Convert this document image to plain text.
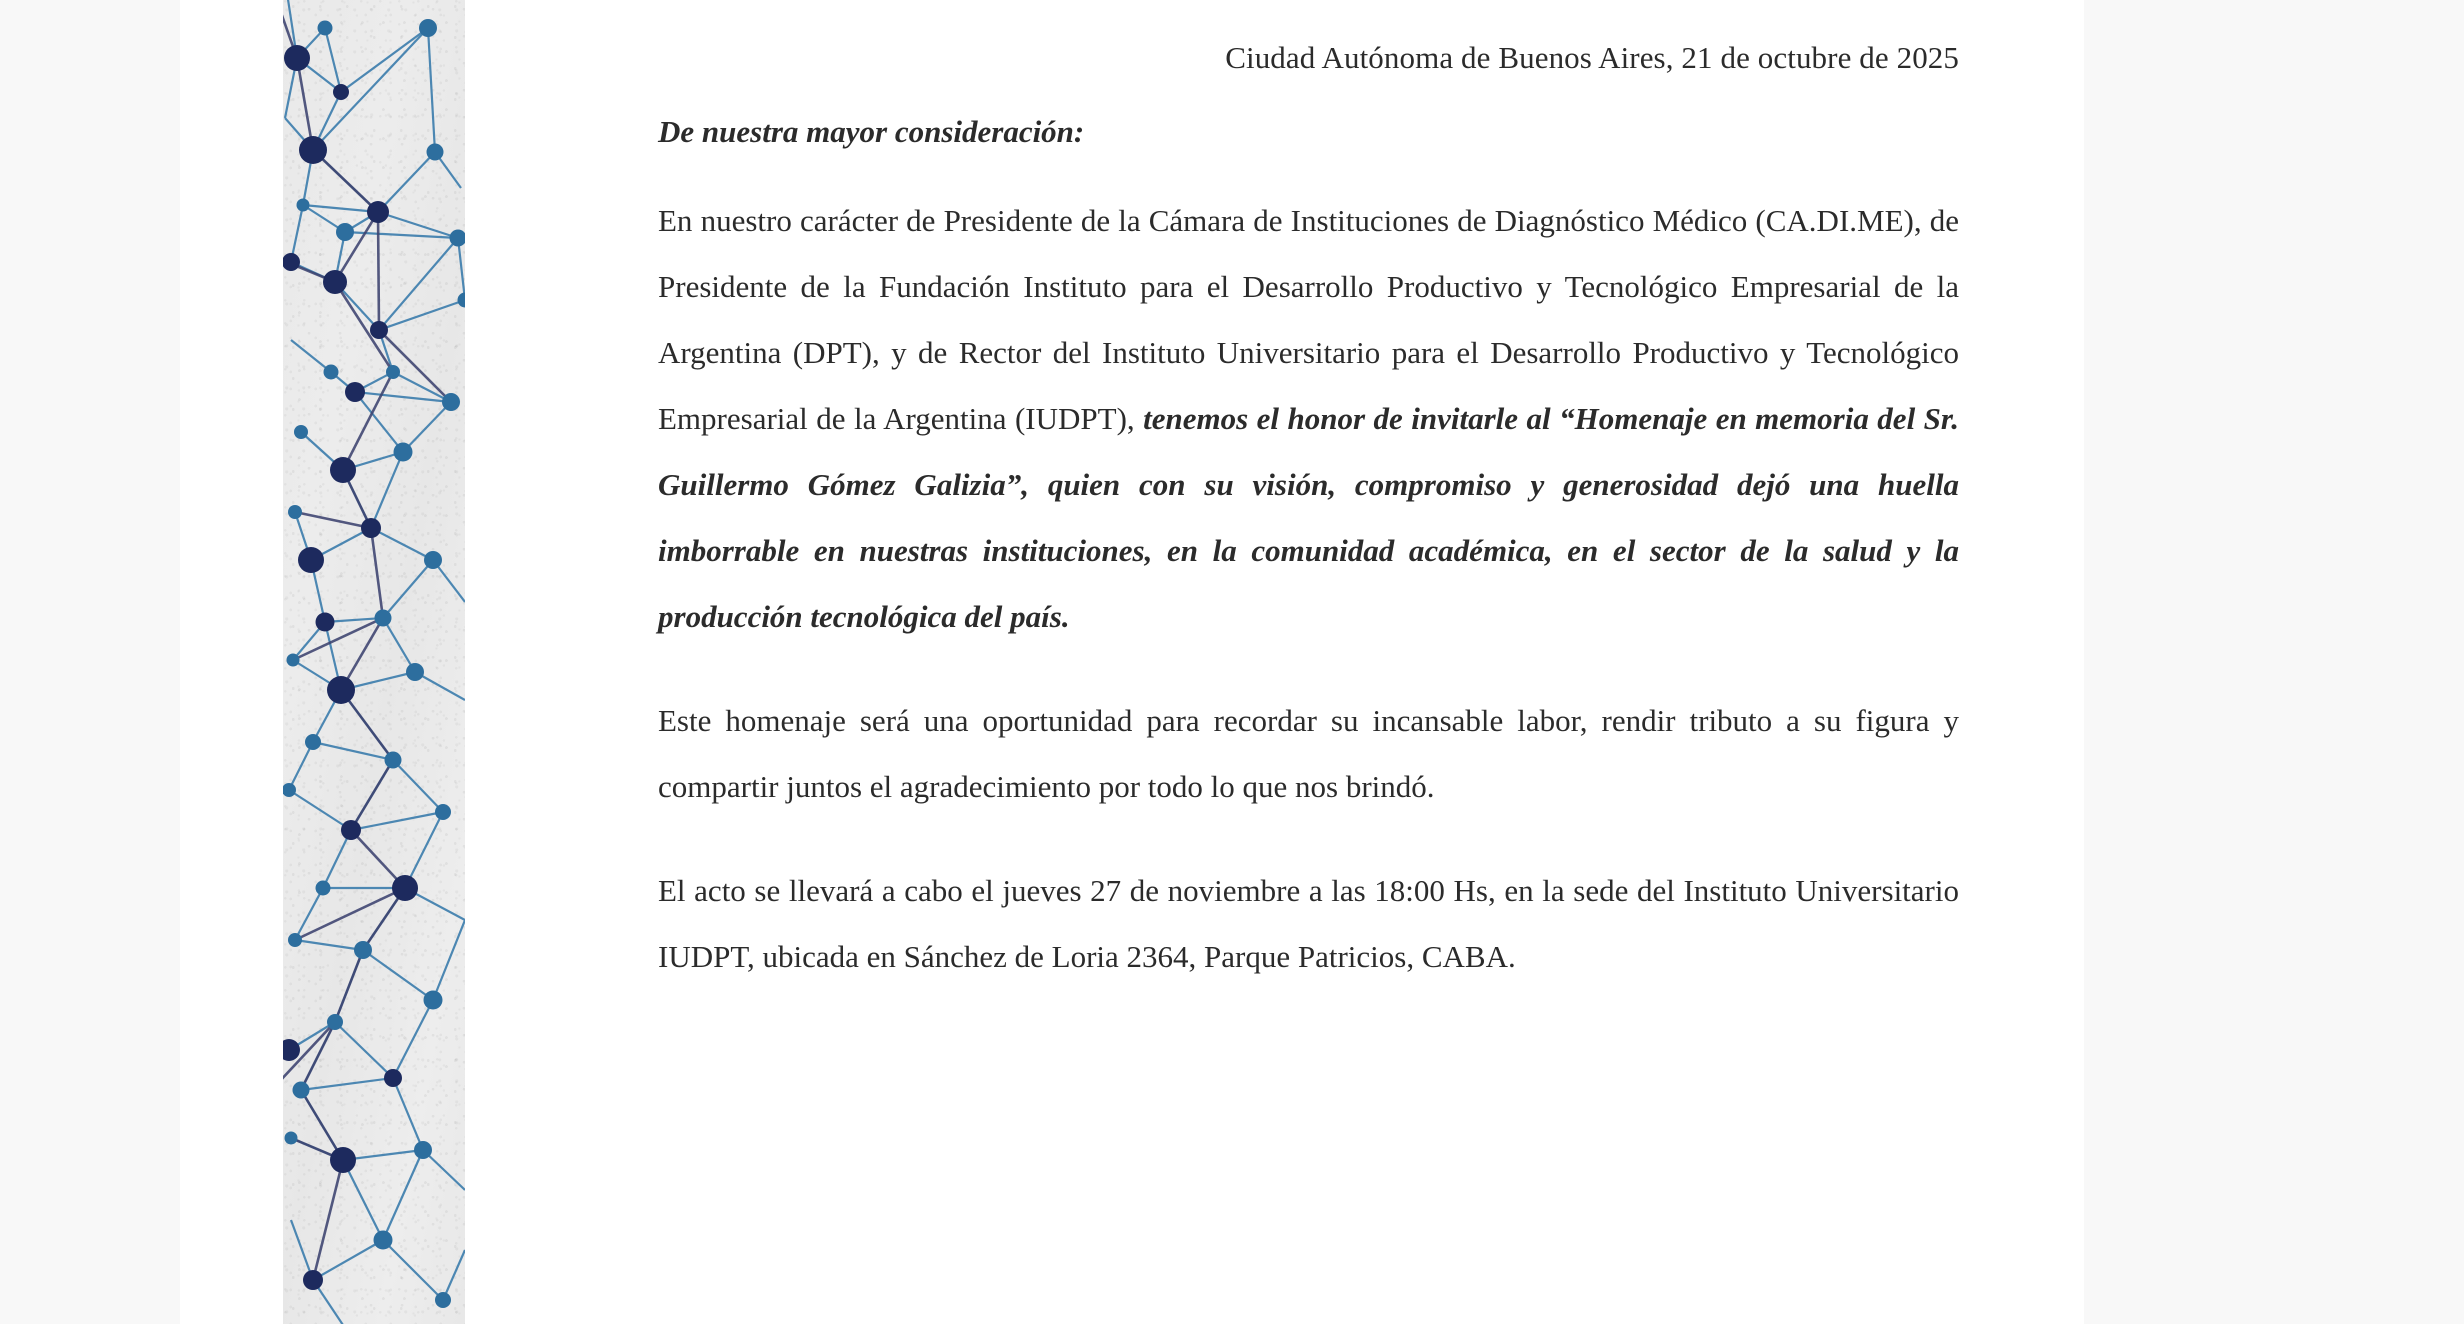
Ciudad Autónoma de Buenos Aires, 21 de octubre de 2025
De nuestra mayor consideración:

En nuestro carácter de Presidente de la Cámara de Instituciones de Diagnóstico Médico (CA.DI.ME), de Presidente de la Fundación Instituto para el Desarrollo Productivo y Tecnológico Empresarial de la Argentina (DPT), y de Rector del Instituto Universitario para el Desarrollo Productivo y Tecnológico Empresarial de la Argentina (IUDPT), tenemos el honor de invitarle al “Homenaje en memoria del Sr. Guillermo Gómez Galizia”, quien con su visión, compromiso y generosidad dejó una huella imborrable en nuestras instituciones, en la comunidad académica, en el sector de la salud y la producción tecnológica del país.

Este homenaje será una oportunidad para recordar su incansable labor, rendir tributo a su figura y compartir juntos el agradecimiento por todo lo que nos brindó.

El acto se llevará a cabo el jueves 27 de noviembre a las 18:00 Hs, en la sede del Instituto Universitario IUDPT, ubicada en Sánchez de Loria 2364, Parque Patricios, CABA.
